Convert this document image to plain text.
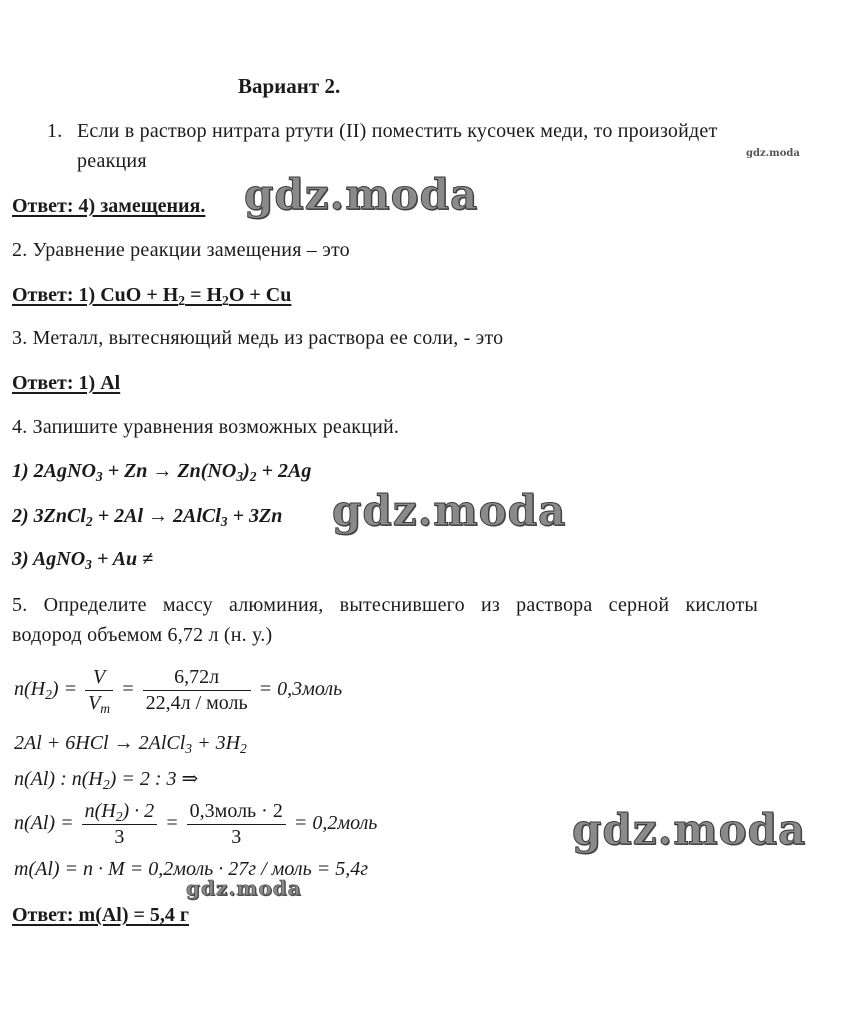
Вариант 2.
1. Если в раствор нитрата ртути (II) поместить кусочек меди, то произойдет
реакция	gdz.moda
Ответ: 4) замещения. gdz.moda
2. Уравнение реакции замещения – это
Ответ: 1) CuO + $H_2 = H_2O + Cu$
3. Металл, вытесняющий медь из раствора ее соли, - это
Ответ: 1) Al
4. Запишите уравнения возможных реакций.
1) 2AgNO$_3$ + $Zn \to Zn(NO_3)_2 + 2Ag$
2) 3ZnCl$_2$ + 2Al → 2AlCl$_3$ + 3Zn gdz.moda
3) AgNO$_3$ + Au ≠
5. Определите массу алюминия, вытеснившего из раствора серной кислоты
водород объемом 6,72 л (н. у.)
$n(H_2) = \frac{V}{V_m} = \frac{6,72л}{\text{22,4л / моль}}$ = 0,3моль
2Al + 6HCl → 2AlCl$_3$ + $3H_2$
n(Al) : $n(H_2) = 2$ : 3 ⇒
$n(Al) = \frac{n(H_2) \cdot 2}{3} = \frac{\text{0,3моль · 2}}{3}$ = 0,2моль	gdz.moda
m(Al) = n · M = 0,2моль · 27г / моль = 5,4г
gdz.moda
Ответ: m(Al) = 5,4 г
